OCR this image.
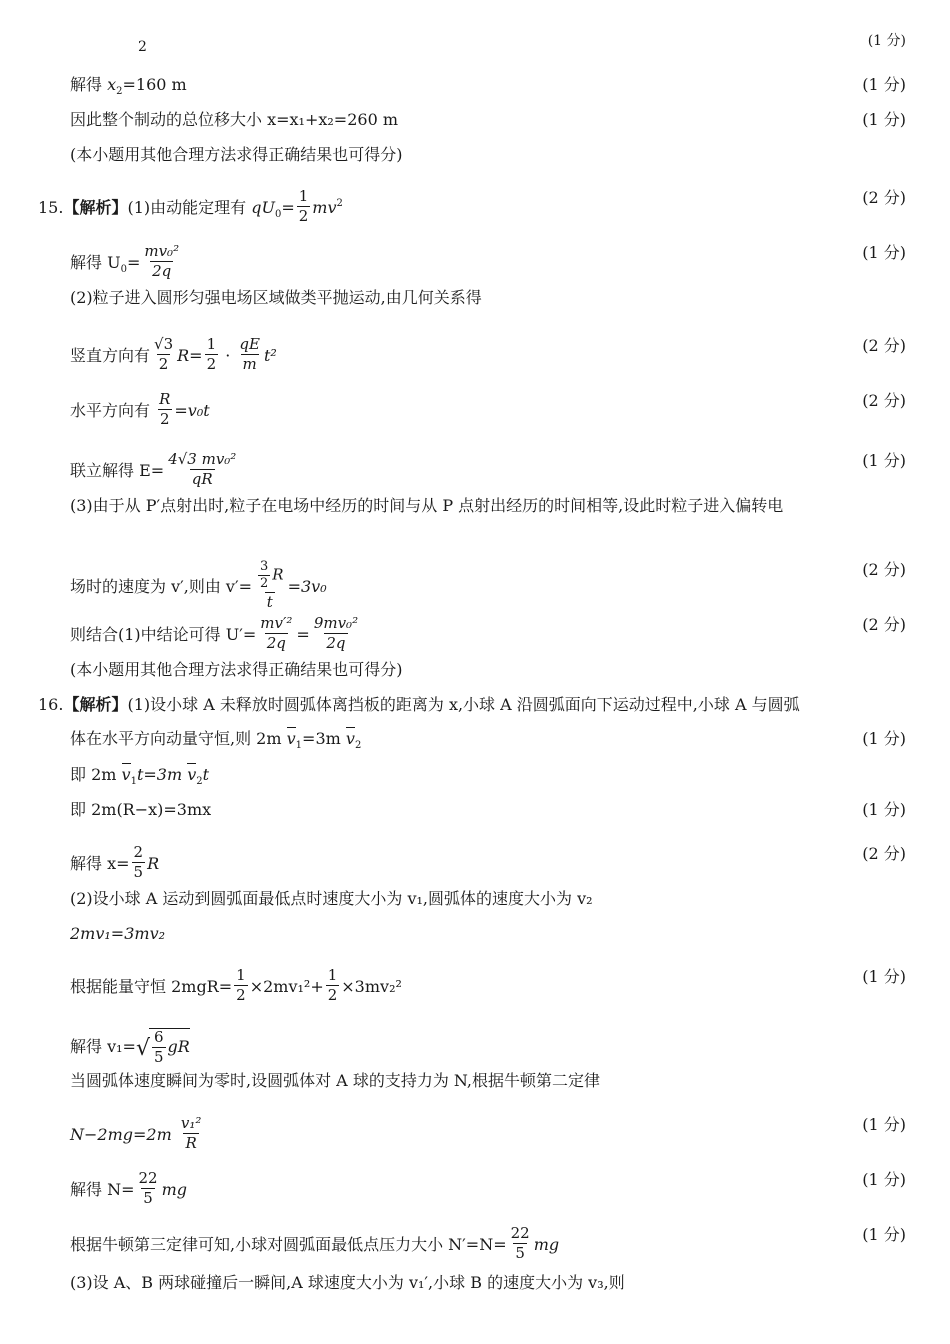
2	(1 分)
解得 $x_2=160$ m	(1 分)
因此整个制动的总位移大小 x=x₁+x₂=260 m	(1 分)
(本小题用其他合理方法求得正确结果也可得分)
15.【解析】(1)由动能定理有 $qU_0= \frac{1}{2} mv^2$	(2 分)
解得 $U_0= \frac{\text{mv₀²}}{2q}$	(1 分)
(2)粒子进入圆形匀强电场区域做类平抛运动,由几何关系得
竖直方向有 $\frac{√3}{2} R= \frac{1}{2} \cdot \frac{qE}{m} t^2$
(2 分)
水平方向有 $\frac{R}{2} =v_0t$
(2 分)
联立解得 $E= \frac{\text{4√3 mv₀²}}{qR}$	(1 分)
(3)由于从 P′点射出时,粒子在电场中经历的时间与从 P 点射出经历的时间相等,设此时粒子进入偏转电
场时的速度为 v′,则由 $v'= \frac{\frac{3}{2} R}{t} =3v_0$
(2 分)
则结合(1)中结论可得 $U'= \frac{\text{mv′²}}{2q} = \frac{\text{9mv₀²}}{2q}$	(2 分)
(本小题用其他合理方法求得正确结果也可得分)
16.【解析】(1)设小球 A 未释放时圆弧体离挡板的距离为 x,小球 A 沿圆弧面向下运动过程中,小球 A 与圆弧
体在水平方向动量守恒,则 2m $v_1=3m$ $v_2$	(1 分)
即 2m $v_1t=3m$ $v_2t$
即 2m(R−x)=3mx	(1 分)
解得 $x= \frac{2}{5}$ R
(2 分)
(2)设小球 A 运动到圆弧面最低点时速度大小为 v₁,圆弧体的速度大小为 v₂
2mv₁=3mv₂
根据能量守恒 $2mgR= \frac{1}{2} \times 2mv_1^2+ \frac{1}{2} \times 3mv_2^2$
(1 分)
解得 $v_1=√ \frac{6}{5}$ gR
当圆弧体速度瞬间为零时,设圆弧体对 A 球的支持力为 N,根据牛顿第二定律
$N-2mg=2m \frac{\text{v₁²}}{R}$	(1 分)
解得 $N= \frac{22}{5}$ mg
(1 分)
根据牛顿第三定律可知,小球对圆弧面最低点压力大小 $N'=N= \frac{22}{5}$ mg
(1 分)
(3)设 A、B 两球碰撞后一瞬间,A 球速度大小为 v₁′,小球 B 的速度大小为 v₃,则
